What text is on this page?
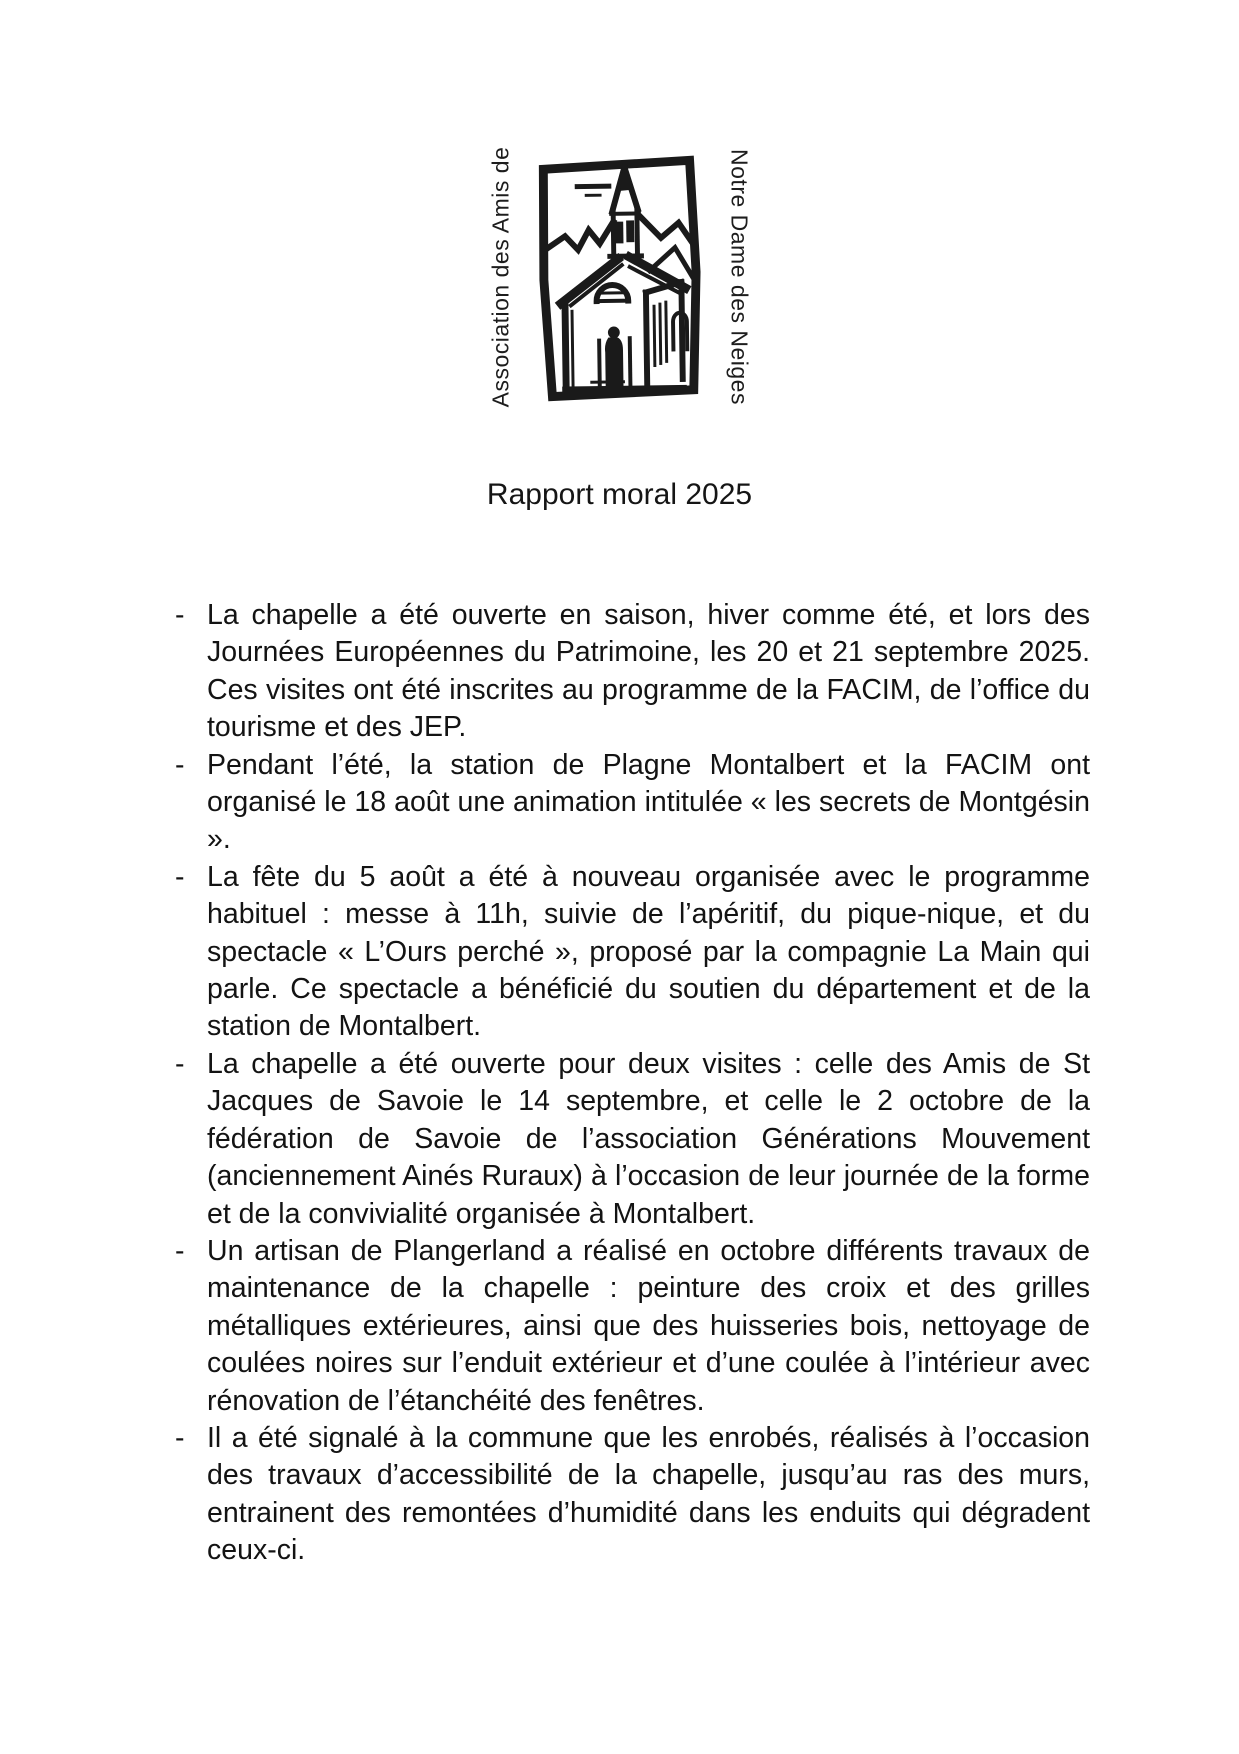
Association des Amis de	Notre Dame des Neiges
Rapport moral 2025
- La chapelle a été ouverte en saison, hiver comme été, et lors des Journées Européennes du Patrimoine, les 20 et 21 septembre 2025. Ces visites ont été inscrites au programme de la FACIM, de l’office du tourisme et des JEP.
- Pendant l’été, la station de Plagne Montalbert et la FACIM ont organisé le 18 août une animation intitulée « les secrets de Montgésin ».
- La fête du 5 août a été à nouveau organisée avec le programme habituel : messe à 11h, suivie de l’apéritif, du pique-nique, et du spectacle « L’Ours perché », proposé par la compagnie La Main qui parle. Ce spectacle a bénéficié du soutien du département et de la station de Montalbert.
- La chapelle a été ouverte pour deux visites : celle des Amis de St Jacques de Savoie le 14 septembre, et celle le 2 octobre de la fédération de Savoie de l’association Générations Mouvement (anciennement Ainés Ruraux) à l’occasion de leur journée de la forme et de la convivialité organisée à Montalbert.
- Un artisan de Plangerland a réalisé en octobre différents travaux de maintenance de la chapelle : peinture des croix et des grilles métalliques extérieures, ainsi que des huisseries bois, nettoyage de coulées noires sur l’enduit extérieur et d’une coulée à l’intérieur avec rénovation de l’étanchéité des fenêtres.
- Il a été signalé à la commune que les enrobés, réalisés à l’occasion des travaux d’accessibilité de la chapelle, jusqu’au ras des murs, entrainent des remontées d’humidité dans les enduits qui dégradent ceux-ci.
